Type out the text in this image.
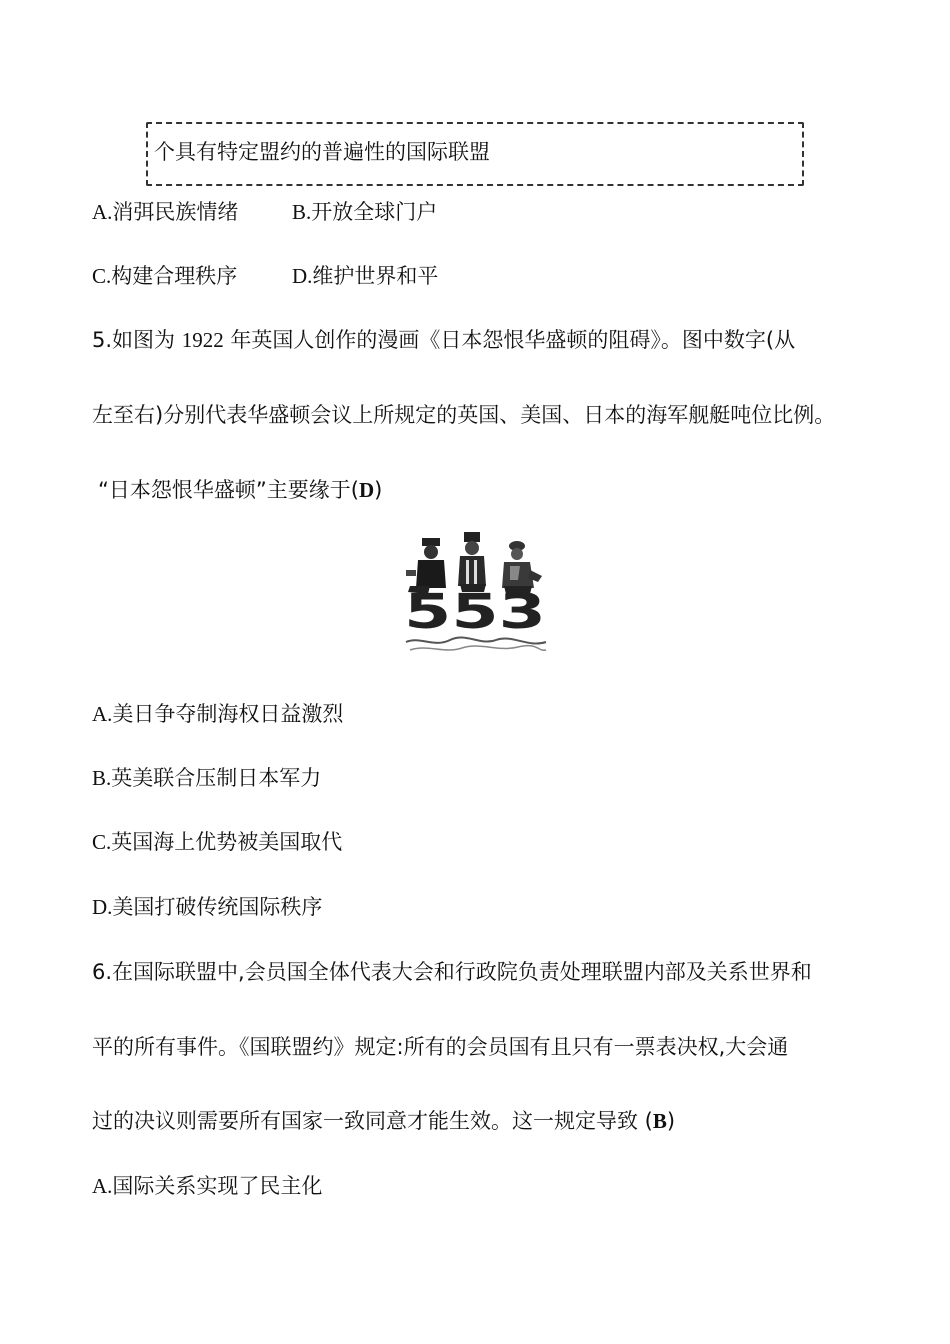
个具有特定盟约的普遍性的国际联盟
A.消弭民族情绪	B.开放全球门户
C.构建合理秩序	D.维护世界和平
5.如图为 1922 年英国人创作的漫画《日本怨恨华盛顿的阻碍》。图中数字(从
左至右)分别代表华盛顿会议上所规定的英国、美国、日本的海军舰艇吨位比例。
“日本怨恨华盛顿”主要缘于(D)
553
A.美日争夺制海权日益激烈
B.英美联合压制日本军力
C.英国海上优势被美国取代
D.美国打破传统国际秩序
6.在国际联盟中,会员国全体代表大会和行政院负责处理联盟内部及关系世界和
平的所有事件。《国联盟约》规定:所有的会员国有且只有一票表决权,大会通
过的决议则需要所有国家一致同意才能生效。这一规定导致 (B)
A.国际关系实现了民主化
